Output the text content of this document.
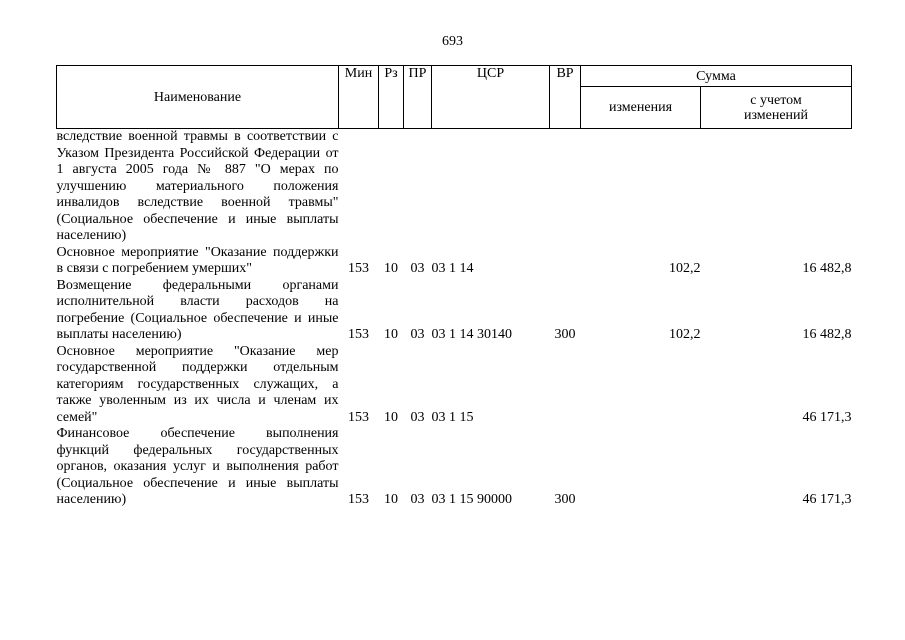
693
Наименование	Мин	Рз	ПР	ЦСР	ВР	Сумма	
						изменения	с учетом
изменений
вследствие военной травмы в соответствии с Указом Президента Российской Федерации от 1 августа 2005 года № 887 "О мерах по улучшению материального положения инвалидов вследствие военной травмы" (Социальное обеспечение и иные выплаты населению)							
Основное мероприятие "Оказание поддержки в связи с погребением умерших"	153	10	03	03 1 14		102,2	16 482,8
Возмещение федеральными органами исполнительной власти расходов на погребение (Социальное обеспечение и иные выплаты населению)	153	10	03	03 1 14 30140	300	102,2	16 482,8
Основное мероприятие "Оказание мер государственной поддержки отдельным категориям государственных служащих, а также уволенным из их числа и членам их семей"	153	10	03	03 1 15			46 171,3
Финансовое обеспечение выполнения функций федеральных государственных органов, оказания услуг и выполнения работ (Социальное обеспечение и иные выплаты населению)	153	10	03	03 1 15 90000	300		46 171,3
